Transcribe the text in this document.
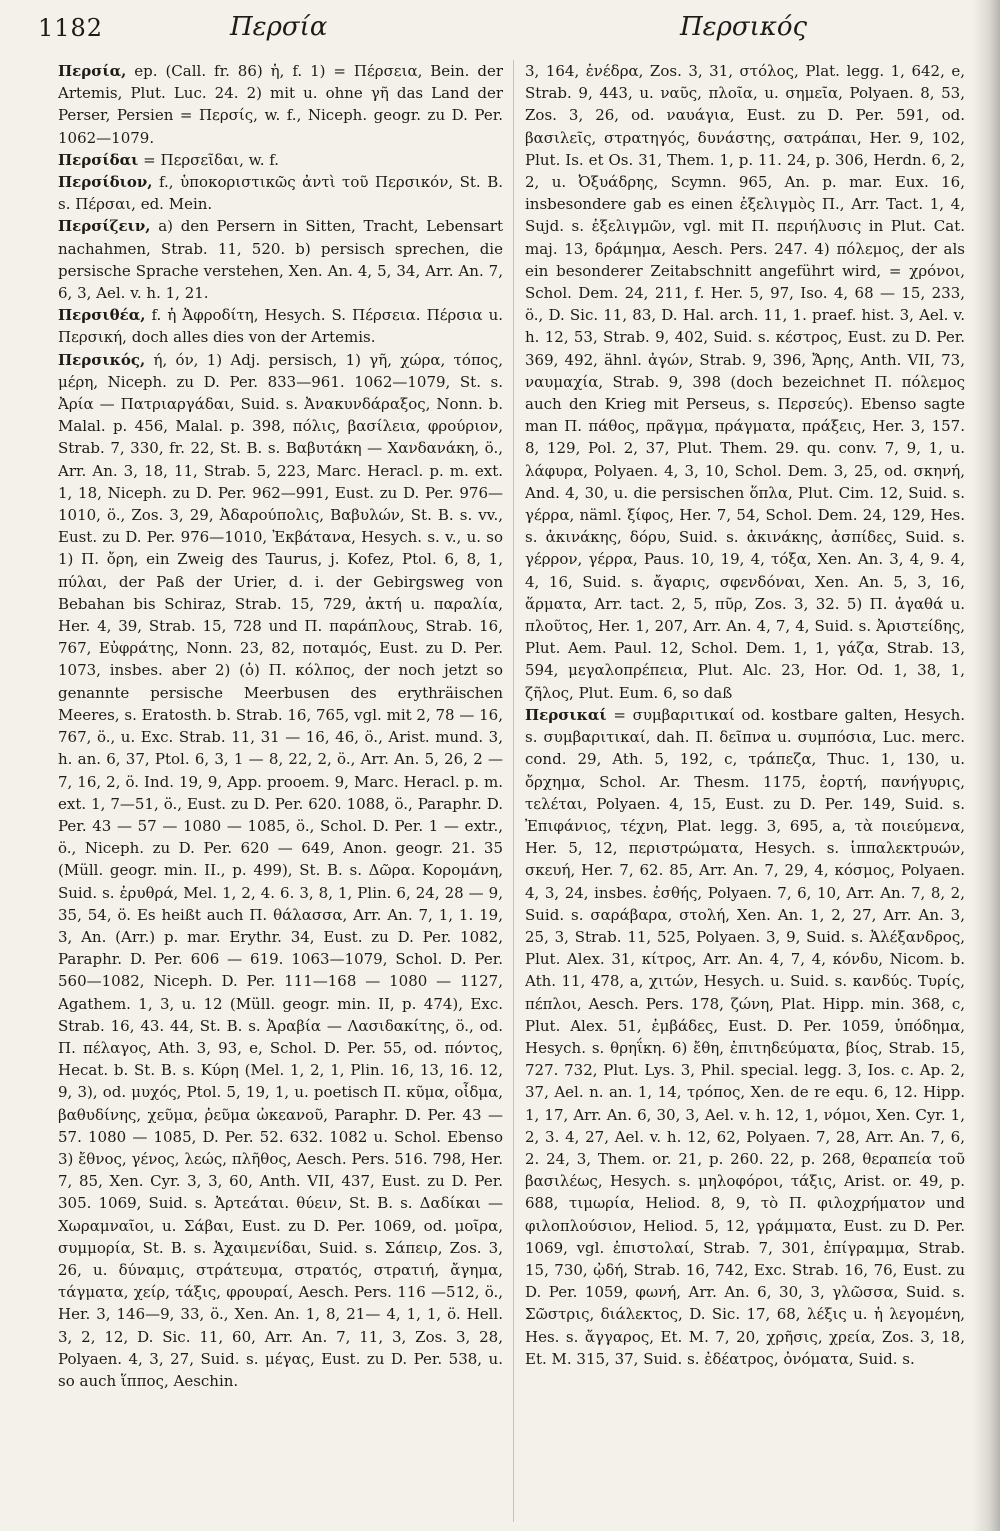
1182	Περσία	Περσικός

Περσία, ep. (Call. fr. 86) ἡ, f. 1) = Πέρσεια, Bein. der Artemis, Plut. Luc. 24. 2) mit u. ohne γῆ das Land der Perser, Persien = Περσίς, w. f., Niceph. geogr. zu D. Per. 1062—1079.

Περσίδαι = Περσεῖδαι, w. f.

Περσίδιον, f., ὑποκοριστικῶς ἀντὶ τοῦ Περσικόν, St. B. s. Πέρσαι, ed. Mein.

Περσίζειν, a) den Persern in Sitten, Tracht, Lebensart nachahmen, Strab. 11, 520. b) persisch sprechen, die persische Sprache verstehen, Xen. An. 4, 5, 34, Arr. An. 7, 6, 3, Ael. v. h. 1, 21.

Περσιθέα, f. ἡ Ἀφροδίτη, Hesych. S. Πέρσεια. Πέρσια u. Περσική, doch alles dies von der Artemis.

Περσικός, ή, όν, 1) Adj. persisch, 1) γῆ, χώρα, τόπος, μέρη, Niceph. zu D. Per. 833—961. 1062—1079, St. s. Ἀρία — Πατριαργάδαι, Suid. s. Ἀνακυνδάραξος, Nonn. b. Malal. p. 456, Malal. p. 398, πόλις, βασίλεια, φρούριον, Strab. 7, 330, fr. 22, St. B. s. Βαβυτάκη — Χανδανάκη, ö., Arr. An. 3, 18, 11, Strab. 5, 223, Marc. Heracl. p. m. ext. 1, 18, Niceph. zu D. Per. 962—991, Eust. zu D. Per. 976—1010, ö., Zos. 3, 29, Ἀδαρούπολις, Βαβυλών, St. B. s. vv., Eust. zu D. Per. 976—1010, Ἐκβάτανα, Hesych. s. v., u. so 1) Π. ὄρη, ein Zweig des Taurus, j. Kofez, Ptol. 6, 8, 1, πύλαι, der Paß der Urier, d. i. der Gebirgsweg von Bebahan bis Schiraz, Strab. 15, 729, ἀκτή u. παραλία, Her. 4, 39, Strab. 15, 728 und Π. παράπλους, Strab. 16, 767, Εὐφράτης, Nonn. 23, 82, ποταμός, Eust. zu D. Per. 1073, insbes. aber 2) (ὁ) Π. κόλπος, der noch jetzt so genannte persische Meerbusen des erythräischen Meeres, s. Eratosth. b. Strab. 16, 765, vgl. mit 2, 78 — 16, 767, ö., u. Exc. Strab. 11, 31 — 16, 46, ö., Arist. mund. 3, h. an. 6, 37, Ptol. 6, 3, 1 — 8, 22, 2, ö., Arr. An. 5, 26, 2 — 7, 16, 2, ö. Ind. 19, 9, App. prooem. 9, Marc. Heracl. p. m. ext. 1, 7—51, ö., Eust. zu D. Per. 620. 1088, ö., Paraphr. D. Per. 43 — 57 — 1080 — 1085, ö., Schol. D. Per. 1 — extr., ö., Niceph. zu D. Per. 620 — 649, Anon. geogr. 21. 35 (Müll. geogr. min. II., p. 499), St. B. s. Δῶρα. Κορομάνη, Suid. s. ἐρυθρά, Mel. 1, 2, 4. 6. 3, 8, 1, Plin. 6, 24, 28 — 9, 35, 54, ö. Es heißt auch Π. θάλασσα, Arr. An. 7, 1, 1. 19, 3, An. (Arr.) p. mar. Erythr. 34, Eust. zu D. Per. 1082, Paraphr. D. Per. 606 — 619. 1063—1079, Schol. D. Per. 560—1082, Niceph. D. Per. 111—168 — 1080 — 1127, Agathem. 1, 3, u. 12 (Müll. geogr. min. II, p. 474), Exc. Strab. 16, 43. 44, St. B. s. Ἀραβία — Λασιδακίτης, ö., od. Π. πέλαγος, Ath. 3, 93, e, Schol. D. Per. 55, od. πόντος, Hecat. b. St. B. s. Κύρη (Mel. 1, 2, 1, Plin. 16, 13, 16. 12, 9, 3), od. μυχός, Ptol. 5, 19, 1, u. poetisch Π. κῦμα, οἶδμα, βαθυδίνης, χεῦμα, ῥεῦμα ὠκεανοῦ, Paraphr. D. Per. 43 — 57. 1080 — 1085, D. Per. 52. 632. 1082 u. Schol. Ebenso 3) ἔθνος, γένος, λεώς, πλῆθος, Aesch. Pers. 516. 798, Her. 7, 85, Xen. Cyr. 3, 3, 60, Anth. VII, 437, Eust. zu D. Per. 305. 1069, Suid. s. Ἀρτεάται. θύειν, St. B. s. Δαδίκαι — Χωραμναῖοι, u. Σάβαι, Eust. zu D. Per. 1069, od. μοῖρα, συμμορία, St. B. s. Ἀχαιμενίδαι, Suid. s. Σάπειρ, Zos. 3, 26, u. δύναμις, στράτευμα, στρατός, στρατιή, ἄγημα, τάγματα, χείρ, τάξις, φρουραί, Aesch. Pers. 116 —512, ö., Her. 3, 146—9, 33, ö., Xen. An. 1, 8, 21— 4, 1, 1, ö. Hell. 3, 2, 12, D. Sic. 11, 60, Arr. An. 7, 11, 3, Zos. 3, 28, Polyaen. 4, 3, 27, Suid. s. μέγας, Eust. zu D. Per. 538, u. so auch ἵππος, Aeschin.

3, 164, ἐνέδρα, Zos. 3, 31, στόλος, Plat. legg. 1, 642, e, Strab. 9, 443, u. ναῦς, πλοῖα, u. σημεῖα, Polyaen. 8, 53, Zos. 3, 26, od. ναυάγια, Eust. zu D. Per. 591, od. βασιλεῖς, στρατηγός, δυνάστης, σατράπαι, Her. 9, 102, Plut. Is. et Os. 31, Them. 1, p. 11. 24, p. 306, Herdn. 6, 2, 2, u. Ὀξυάδρης, Scymn. 965, An. p. mar. Eux. 16, insbesondere gab es einen ἐξελιγμὸς Π., Arr. Tact. 1, 4, Sujd. s. ἐξελιγμῶν, vgl. mit Π. περιήλυσις in Plut. Cat. maj. 13, δράμημα, Aesch. Pers. 247. 4) πόλεμος, der als ein besonderer Zeitabschnitt angeführt wird, = χρόνοι, Schol. Dem. 24, 211, f. Her. 5, 97, Iso. 4, 68 — 15, 233, ö., D. Sic. 11, 83, D. Hal. arch. 11, 1. praef. hist. 3, Ael. v. h. 12, 53, Strab. 9, 402, Suid. s. κέστρος, Eust. zu D. Per. 369, 492, ähnl. ἀγών, Strab. 9, 396, Ἄρης, Anth. VII, 73, ναυμαχία, Strab. 9, 398 (doch bezeichnet Π. πόλεμος auch den Krieg mit Perseus, s. Περσεύς). Ebenso sagte man Π. πάθος, πρᾶγμα, πράγματα, πράξεις, Her. 3, 157. 8, 129, Pol. 2, 37, Plut. Them. 29. qu. conv. 7, 9, 1, u. λάφυρα, Polyaen. 4, 3, 10, Schol. Dem. 3, 25, od. σκηνή, And. 4, 30, u. die persischen ὅπλα, Plut. Cim. 12, Suid. s. γέρρα, näml. ξίφος, Her. 7, 54, Schol. Dem. 24, 129, Hes. s. ἀκινάκης, δόρυ, Suid. s. ἀκινάκης, ἀσπίδες, Suid. s. γέρρον, γέρρα, Paus. 10, 19, 4, τόξα, Xen. An. 3, 4, 9. 4, 4, 16, Suid. s. ἄγαρις, σφενδόναι, Xen. An. 5, 3, 16, ἅρματα, Arr. tact. 2, 5, πῦρ, Zos. 3, 32. 5) Π. ἀγαθά u. πλοῦτος, Her. 1, 207, Arr. An. 4, 7, 4, Suid. s. Ἀριστείδης, Plut. Aem. Paul. 12, Schol. Dem. 1, 1, γάζα, Strab. 13, 594, μεγαλοπρέπεια, Plut. Alc. 23, Hor. Od. 1, 38, 1, ζῆλος, Plut. Eum. 6, so daß

Περσικαί = συμβαριτικαί od. kostbare galten, Hesych. s. συμβαριτικαί, dah. Π. δεῖπνα u. συμπόσια, Luc. merc. cond. 29, Ath. 5, 192, c, τράπεζα, Thuc. 1, 130, u. ὄρχημα, Schol. Ar. Thesm. 1175, ἑορτή, πανήγυρις, τελέται, Polyaen. 4, 15, Eust. zu D. Per. 149, Suid. s. Ἐπιφάνιος, τέχνη, Plat. legg. 3, 695, a, τὰ ποιεύμενα, Her. 5, 12, περιστρώματα, Hesych. s. ἱππαλεκτρυών, σκευή, Her. 7, 62. 85, Arr. An. 7, 29, 4, κόσμος, Polyaen. 4, 3, 24, insbes. ἐσθής, Polyaen. 7, 6, 10, Arr. An. 7, 8, 2, Suid. s. σαράβαρα, στολή, Xen. An. 1, 2, 27, Arr. An. 3, 25, 3, Strab. 11, 525, Polyaen. 3, 9, Suid. s. Ἀλέξανδρος, Plut. Alex. 31, κίτρος, Arr. An. 4, 7, 4, κόνδυ, Nicom. b. Ath. 11, 478, a, χιτών, Hesych. u. Suid. s. κανδύς. Τυρίς, πέπλοι, Aesch. Pers. 178, ζώνη, Plat. Hipp. min. 368, c, Plut. Alex. 51, ἐμβάδες, Eust. D. Per. 1059, ὑπόδημα, Hesych. s. θρηΐκη. 6) ἔθη, ἐπιτηδεύματα, βίος, Strab. 15, 727. 732, Plut. Lys. 3, Phil. special. legg. 3, Ios. c. Ap. 2, 37, Ael. n. an. 1, 14, τρόπος, Xen. de re equ. 6, 12. Hipp. 1, 17, Arr. An. 6, 30, 3, Ael. v. h. 12, 1, νόμοι, Xen. Cyr. 1, 2, 3. 4, 27, Ael. v. h. 12, 62, Polyaen. 7, 28, Arr. An. 7, 6, 2. 24, 3, Them. or. 21, p. 260. 22, p. 268, θεραπεία τοῦ βασιλέως, Hesych. s. μηλοφόροι, τάξις, Arist. or. 49, p. 688, τιμωρία, Heliod. 8, 9, τὸ Π. φιλοχρήματον und φιλοπλούσιον, Heliod. 5, 12, γράμματα, Eust. zu D. Per. 1069, vgl. ἐπιστολαί, Strab. 7, 301, ἐπίγραμμα, Strab. 15, 730, ᾠδή, Strab. 16, 742, Exc. Strab. 16, 76, Eust. zu D. Per. 1059, φωνή, Arr. An. 6, 30, 3, γλῶσσα, Suid. s. Σῶστρις, διάλεκτος, D. Sic. 17, 68, λέξις u. ἡ λεγομένη, Hes. s. ἄγγαρος, Et. M. 7, 20, χρῆσις, χρεία, Zos. 3, 18, Et. M. 315, 37, Suid. s. ἐδέατρος, ὀνόματα, Suid. s.
